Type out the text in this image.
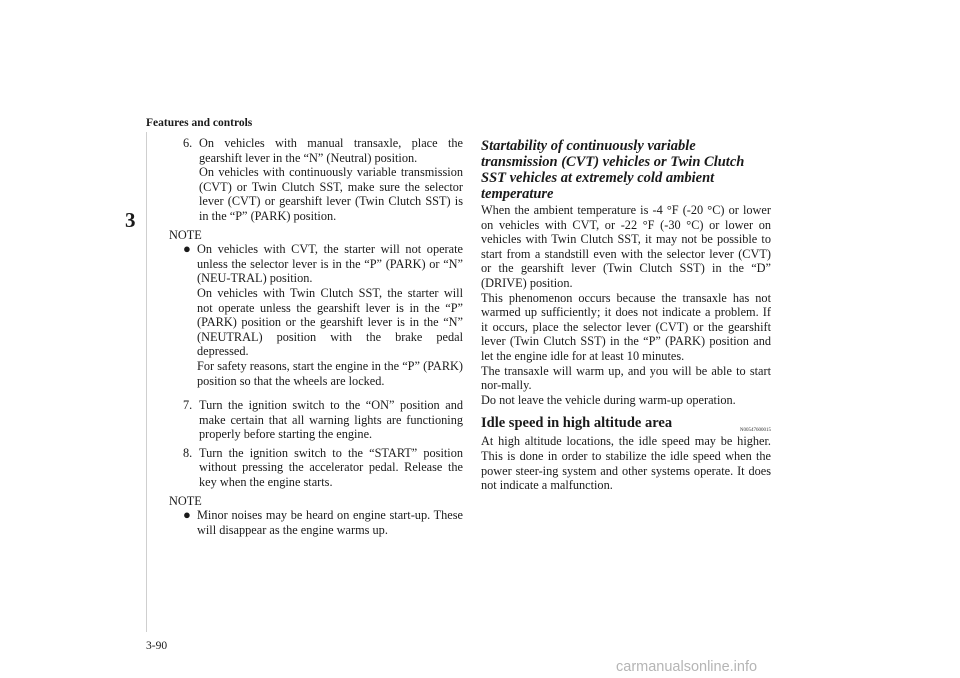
Features and controls
3
6. On vehicles with manual transaxle, place the gearshift lever in the “N” (Neutral) position.

On vehicles with continuously variable transmission (CVT) or Twin Clutch SST, make sure the selector lever (CVT) or gearshift lever (Twin Clutch SST) is in the “P” (PARK) position.

NOTE
● On vehicles with CVT, the starter will not operate unless the selector lever is in the “P” (PARK) or “N” (NEU-TRAL) position.

On vehicles with Twin Clutch SST, the starter will not operate unless the gearshift lever is in the “P” (PARK) position or the gearshift lever is in the “N” (NEUTRAL) position with the brake pedal depressed.

For safety reasons, start the engine in the “P” (PARK) position so that the wheels are locked.

7. Turn the ignition switch to the “ON” position and make certain that all warning lights are functioning properly before starting the engine.

8. Turn the ignition switch to the “START” position without pressing the accelerator pedal. Release the key when the engine starts.

NOTE
● Minor noises may be heard on engine start-up. These will disappear as the engine warms up.

Startability of continuously variable transmission (CVT) vehicles or Twin Clutch SST vehicles at extremely cold ambient temperature

When the ambient temperature is -4 °F (-20 °C) or lower on vehicles with CVT, or -22 °F (-30 °C) or lower on vehicles with Twin Clutch SST, it may not be possible to start from a standstill even with the selector lever (CVT) or the gearshift lever (Twin Clutch SST) in the “D” (DRIVE) position.

This phenomenon occurs because the transaxle has not warmed up sufficiently; it does not indicate a problem. If it occurs, place the selector lever (CVT) or the gearshift lever (Twin Clutch SST) in the “P” (PARK) position and let the engine idle for at least 10 minutes.

The transaxle will warm up, and you will be able to start nor-mally.

Do not leave the vehicle during warm-up operation.

Idle speed in high altitude area	N00547600015

At high altitude locations, the idle speed may be higher. This is done in order to stabilize the idle speed when the power steer-ing system and other systems operate. It does not indicate a malfunction.

3-90
carmanualsonline.info
